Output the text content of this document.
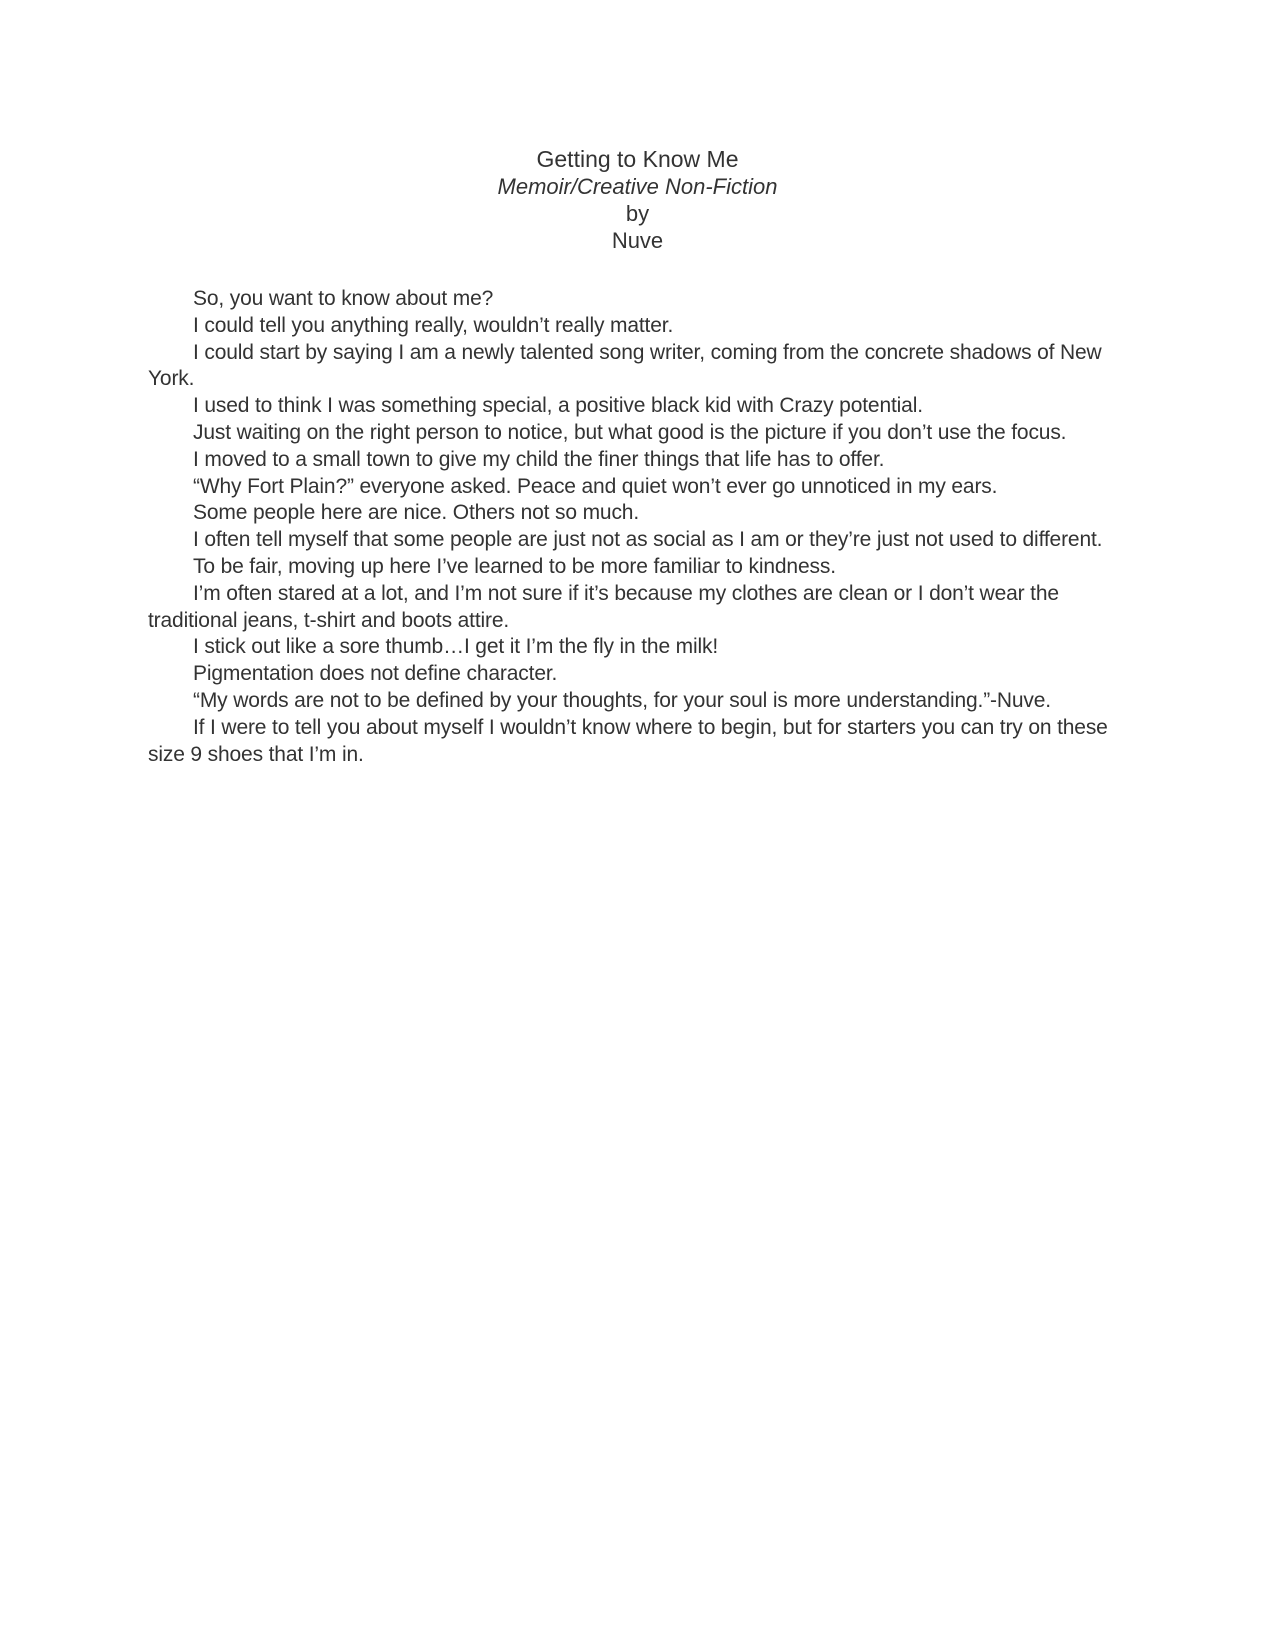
Getting to Know Me
Memoir/Creative Non-Fiction
by
Nuve

So, you want to know about me?

I could tell you anything really, wouldn’t really matter.

I could start by saying I am a newly talented song writer, coming from the concrete shadows of New York.

I used to think I was something special, a positive black kid with Crazy potential.

Just waiting on the right person to notice, but what good is the picture if you don’t use the focus.

I moved to a small town to give my child the finer things that life has to offer.

“Why Fort Plain?” everyone asked. Peace and quiet won’t ever go unnoticed in my ears.

Some people here are nice. Others not so much.

I often tell myself that some people are just not as social as I am or they’re just not used to different.

To be fair, moving up here I’ve learned to be more familiar to kindness.

I’m often stared at a lot, and I’m not sure if it’s because my clothes are clean or I don’t wear the traditional jeans, t-shirt and boots attire.

I stick out like a sore thumb…I get it I’m the fly in the milk!

Pigmentation does not define character.

“My words are not to be defined by your thoughts, for your soul is more understanding.”-Nuve.

If I were to tell you about myself I wouldn’t know where to begin, but for starters you can try on these size 9 shoes that I’m in.
